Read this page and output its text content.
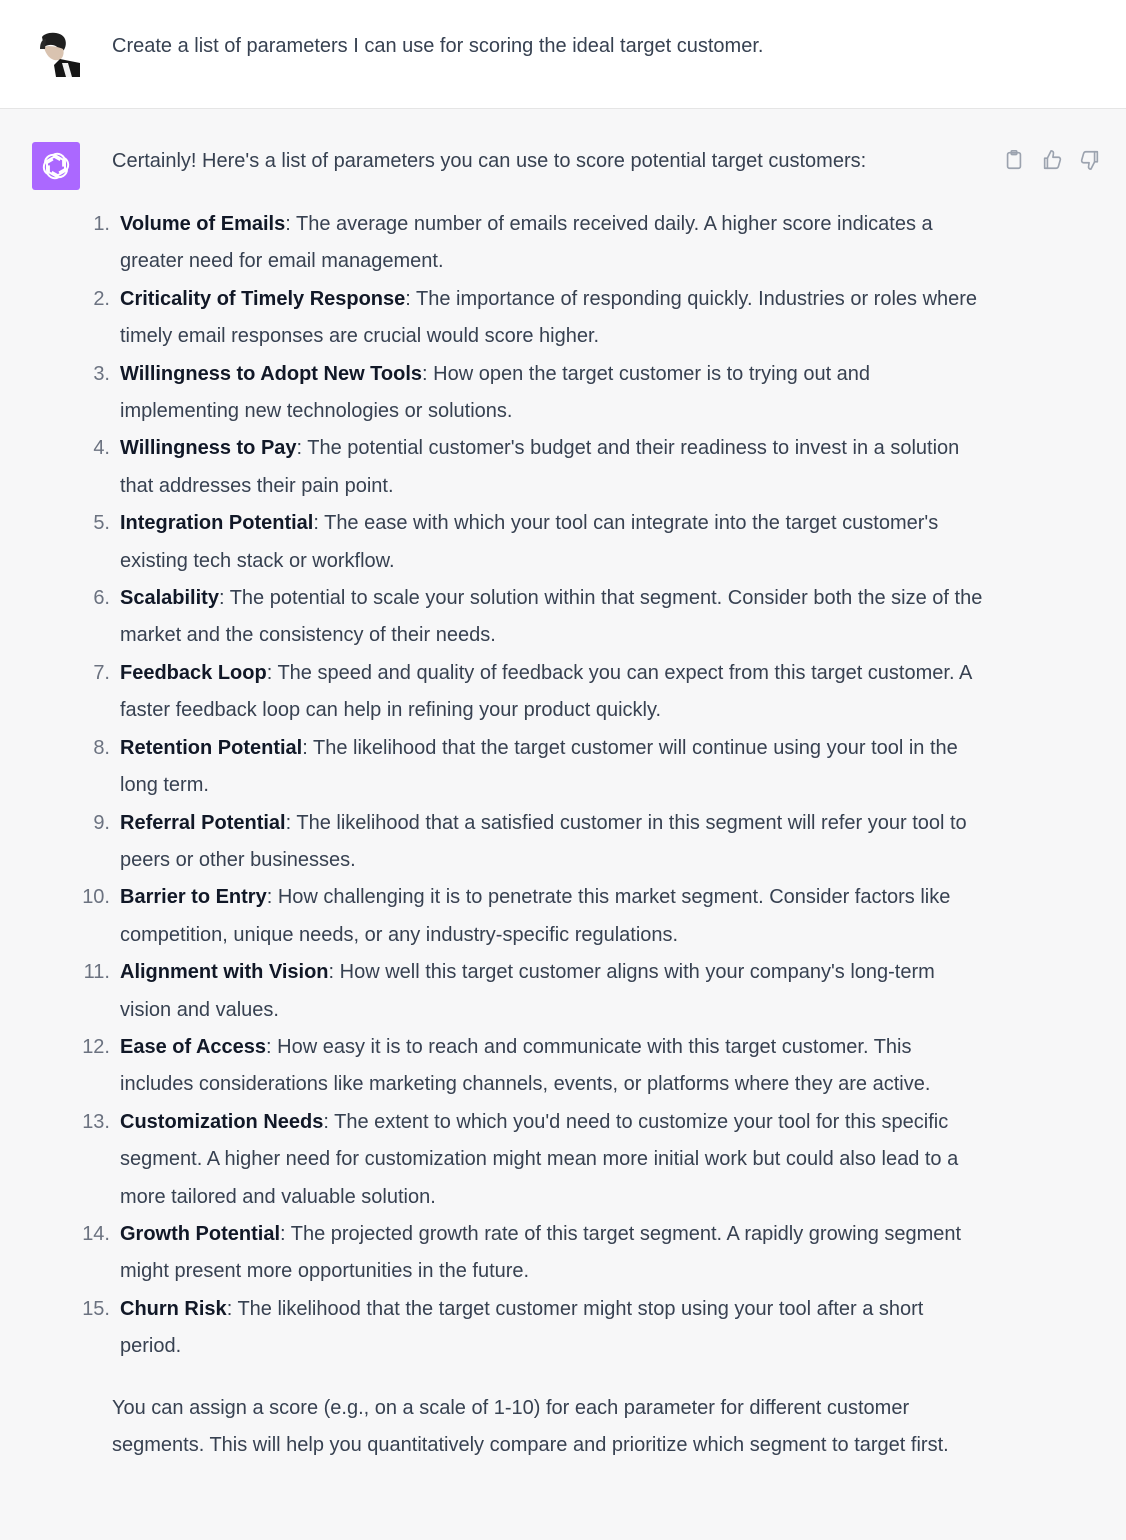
Create a list of parameters I can use for scoring the ideal target customer.
Certainly! Here's a list of parameters you can use to score potential target customers:
1. Volume of Emails: The average number of emails received daily. A higher score indicates a greater need for email management.
2. Criticality of Timely Response: The importance of responding quickly. Industries or roles where timely email responses are crucial would score higher.
3. Willingness to Adopt New Tools: How open the target customer is to trying out and implementing new technologies or solutions.
4. Willingness to Pay: The potential customer's budget and their readiness to invest in a solution that addresses their pain point.
5. Integration Potential: The ease with which your tool can integrate into the target customer's existing tech stack or workflow.
6. Scalability: The potential to scale your solution within that segment. Consider both the size of the market and the consistency of their needs.
7. Feedback Loop: The speed and quality of feedback you can expect from this target customer. A faster feedback loop can help in refining your product quickly.
8. Retention Potential: The likelihood that the target customer will continue using your tool in the long term.
9. Referral Potential: The likelihood that a satisfied customer in this segment will refer your tool to peers or other businesses.
10. Barrier to Entry: How challenging it is to penetrate this market segment. Consider factors like competition, unique needs, or any industry-specific regulations.
11. Alignment with Vision: How well this target customer aligns with your company's long-term vision and values.
12. Ease of Access: How easy it is to reach and communicate with this target customer. This includes considerations like marketing channels, events, or platforms where they are active.
13. Customization Needs: The extent to which you'd need to customize your tool for this specific segment. A higher need for customization might mean more initial work but could also lead to a more tailored and valuable solution.
14. Growth Potential: The projected growth rate of this target segment. A rapidly growing segment might present more opportunities in the future.
15. Churn Risk: The likelihood that the target customer might stop using your tool after a short period.
You can assign a score (e.g., on a scale of 1-10) for each parameter for different customer segments. This will help you quantitatively compare and prioritize which segment to target first.
